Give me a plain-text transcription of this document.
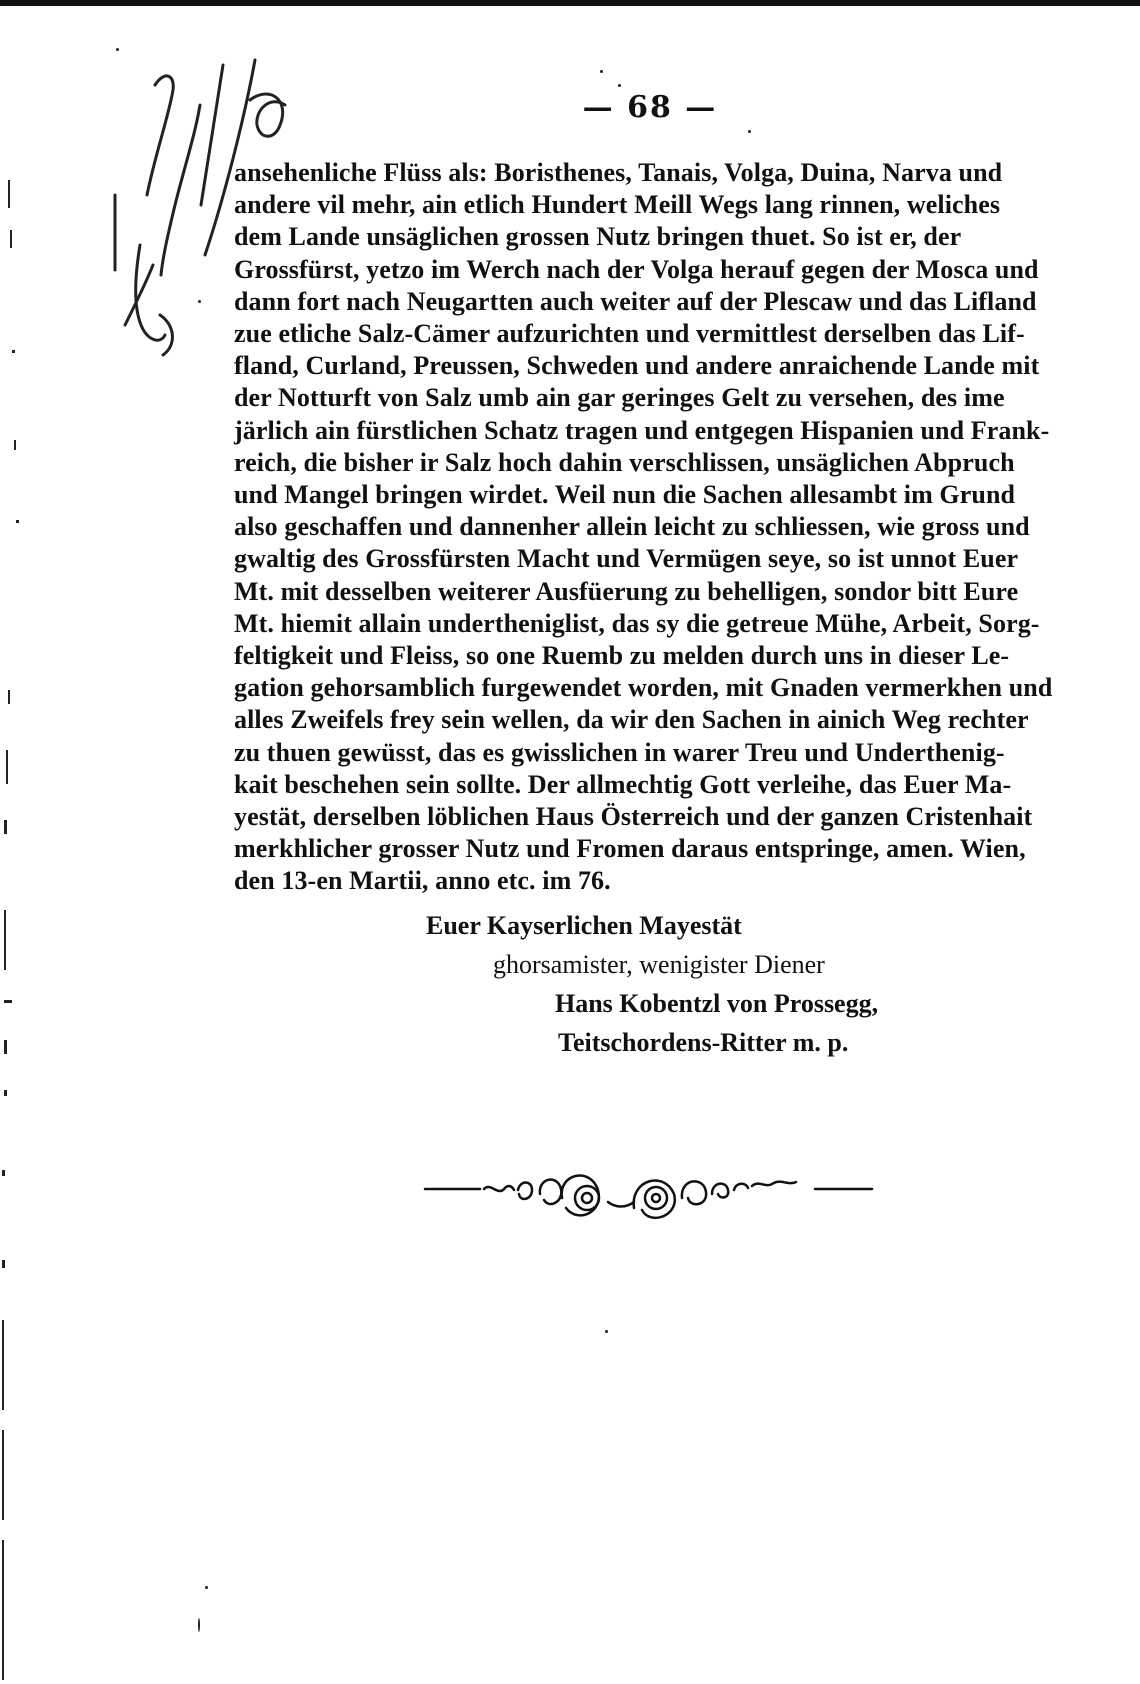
— 68 —
ansehenliche Flüss als: Boristhenes, Tanais, Volga, Duina, Narva und
andere vil mehr, ain etlich Hundert Meill Wegs lang rinnen, weliches
dem Lande unsäglichen grossen Nutz bringen thuet. So ist er, der
Grossfürst, yetzo im Werch nach der Volga herauf gegen der Mosca und
dann fort nach Neugartten auch weiter auf der Plescaw und das Lifland
zue etliche Salz-Cämer aufzurichten und vermittlest derselben das Lif-
fland, Curland, Preussen, Schweden und andere anraichende Lande mit
der Notturft von Salz umb ain gar geringes Gelt zu versehen, des ime
järlich ain fürstlichen Schatz tragen und entgegen Hispanien und Frank-
reich, die bisher ir Salz hoch dahin verschlissen, unsäglichen Abpruch
und Mangel bringen wirdet. Weil nun die Sachen allesambt im Grund
also geschaffen und dannenher allein leicht zu schliessen, wie gross und
gwaltig des Grossfürsten Macht und Vermügen seye, so ist unnot Euer
Mt. mit desselben weiterer Ausfüerung zu behelligen, sondor bitt Eure
Mt. hiemit allain undertheniglist, das sy die getreue Mühe, Arbeit, Sorg-
feltigkeit und Fleiss, so one Ruemb zu melden durch uns in dieser Le-
gation gehorsamblich furgewendet worden, mit Gnaden vermerkhen und
alles Zweifels frey sein wellen, da wir den Sachen in ainich Weg rechter
zu thuen gewüsst, das es gwisslichen in warer Treu und Underthenig-
kait beschehen sein sollte. Der allmechtig Gott verleihe, das Euer Ma-
yestät, derselben löblichen Haus Österreich und der ganzen Cristenhait
merkhlicher grosser Nutz und Fromen daraus entspringe, amen. Wien,
den 13-en Martii, anno etc. im 76.
Euer Kayserlichen Mayestät
ghorsamister, wenigister Diener
Hans Kobentzl von Prossegg,
Teitschordens-Ritter m. p.
